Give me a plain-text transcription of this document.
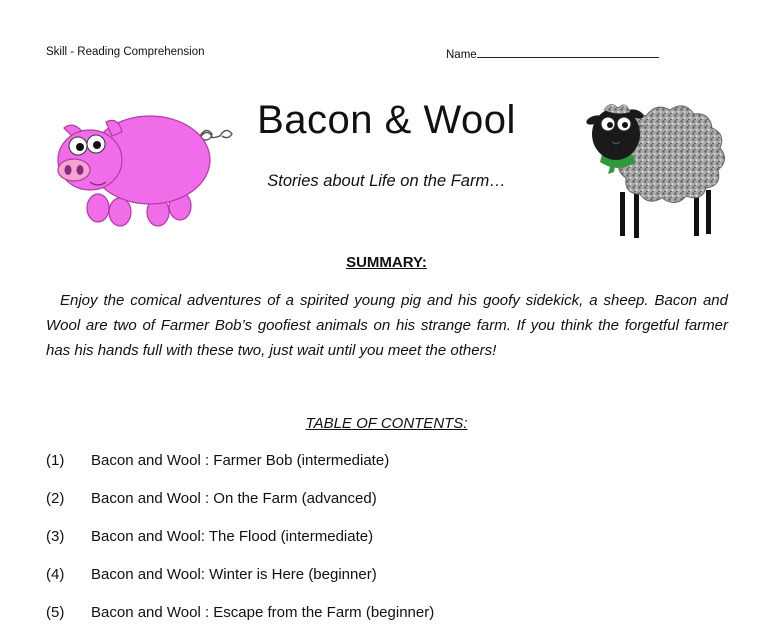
Skill - Reading Comprehension	Name
Bacon & Wool
Stories about Life on the Farm…
SUMMARY:
Enjoy the comical adventures of a spirited young pig and his goofy sidekick, a sheep. Bacon and Wool are two of Farmer Bob’s goofiest animals on his strange farm. If you think the forgetful farmer has his hands full with these two, just wait until you meet the others!
TABLE OF CONTENTS:
(1)	Bacon and Wool : Farmer Bob (intermediate)
(2)	Bacon and Wool : On the Farm (advanced)
(3)	Bacon and Wool: The Flood (intermediate)
(4)	Bacon and Wool: Winter is Here (beginner)
(5)	Bacon and Wool : Escape from the Farm (beginner)
